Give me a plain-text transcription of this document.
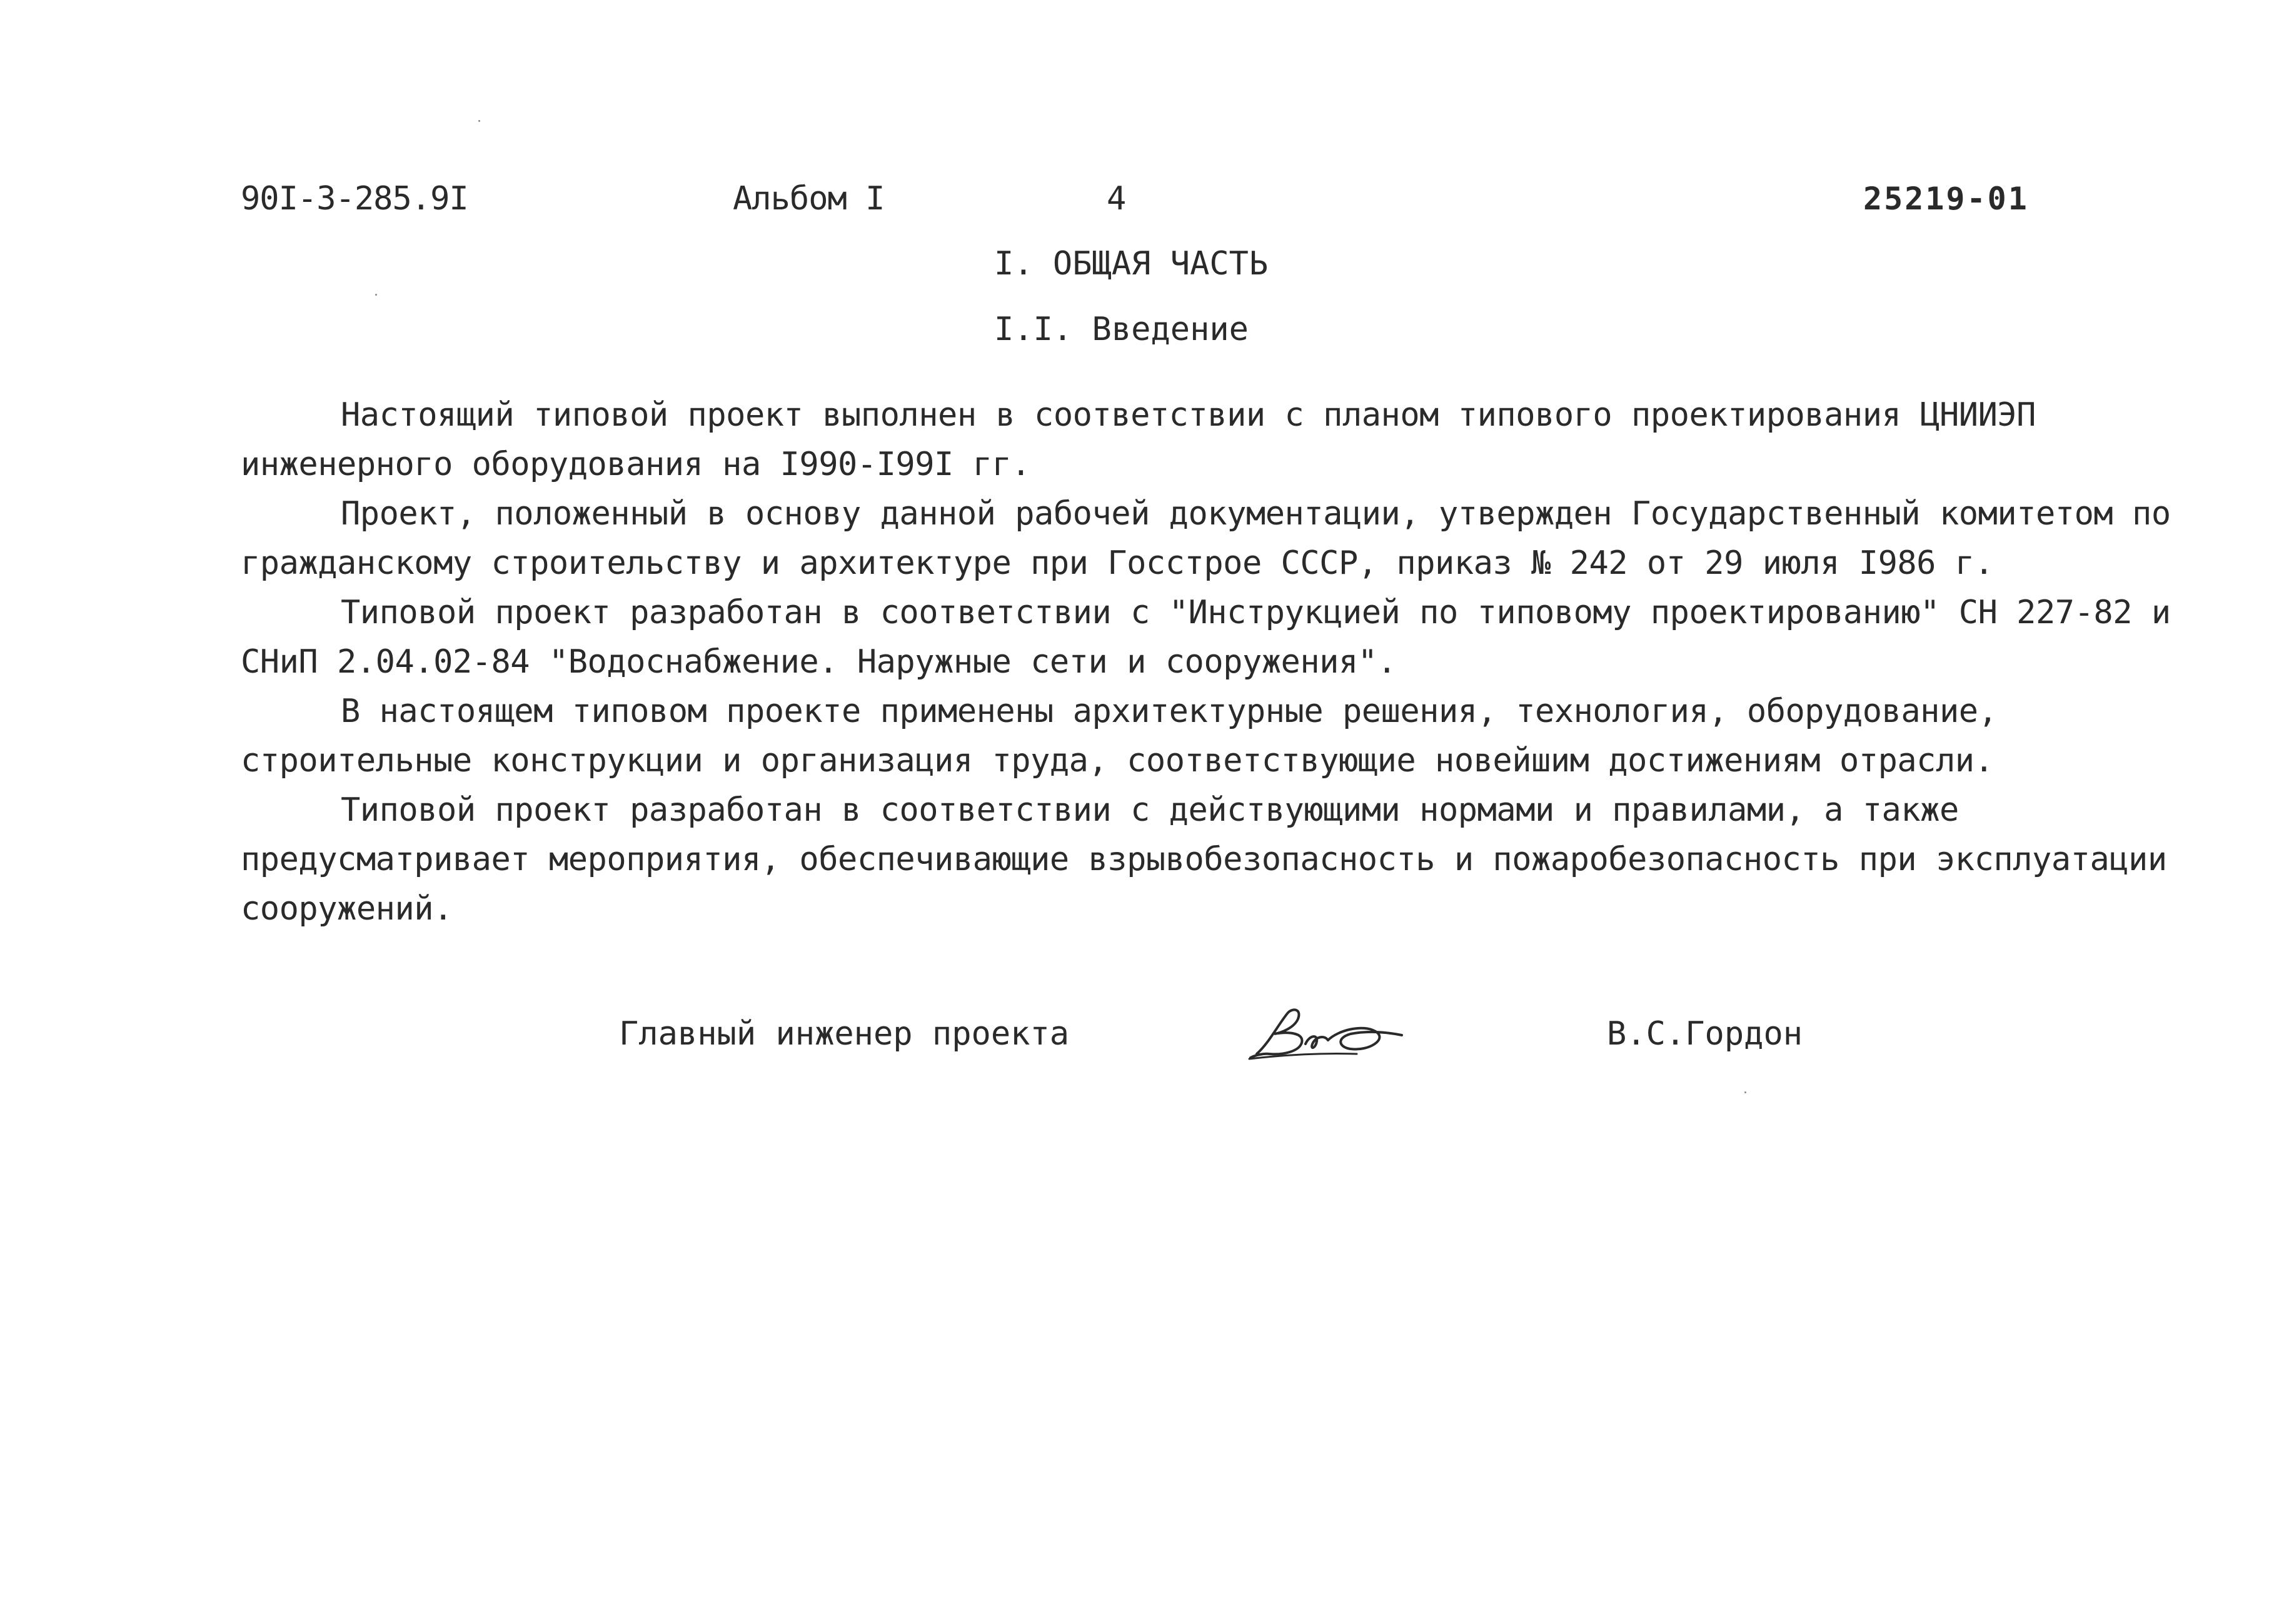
90I-3-285.9I	Альбом I	4	25219-01
I. ОБЩАЯ ЧАСТЬ
I.I. Введение

Настоящий типовой проект выполнен в соответствии с планом типового проектирования ЦНИИЭП инженерного оборудования на I990-I99I гг.

Проект, положенный в основу данной рабочей документации, утвержден Государственный комитетом по гражданскому строительству и архитектуре при Госстрое СССР, приказ № 242 от 29 июля I986 г.

Типовой проект разработан в соответствии с "Инструкцией по типовому проектированию" СН 227-82 и СНиП 2.04.02-84 "Водоснабжение. Наружные сети и сооружения".

В настоящем типовом проекте применены архитектурные решения, технология, оборудование, строительные конструкции и организация труда, соответствующие новейшим достижениям отрасли.

Типовой проект разработан в соответствии с действующими нормами и правилами, а также предусматривает мероприятия, обеспечивающие взрывобезопасность и пожаробезопасность при эксплуатации сооружений.

Главный инженер проекта	В.С.Гордон
